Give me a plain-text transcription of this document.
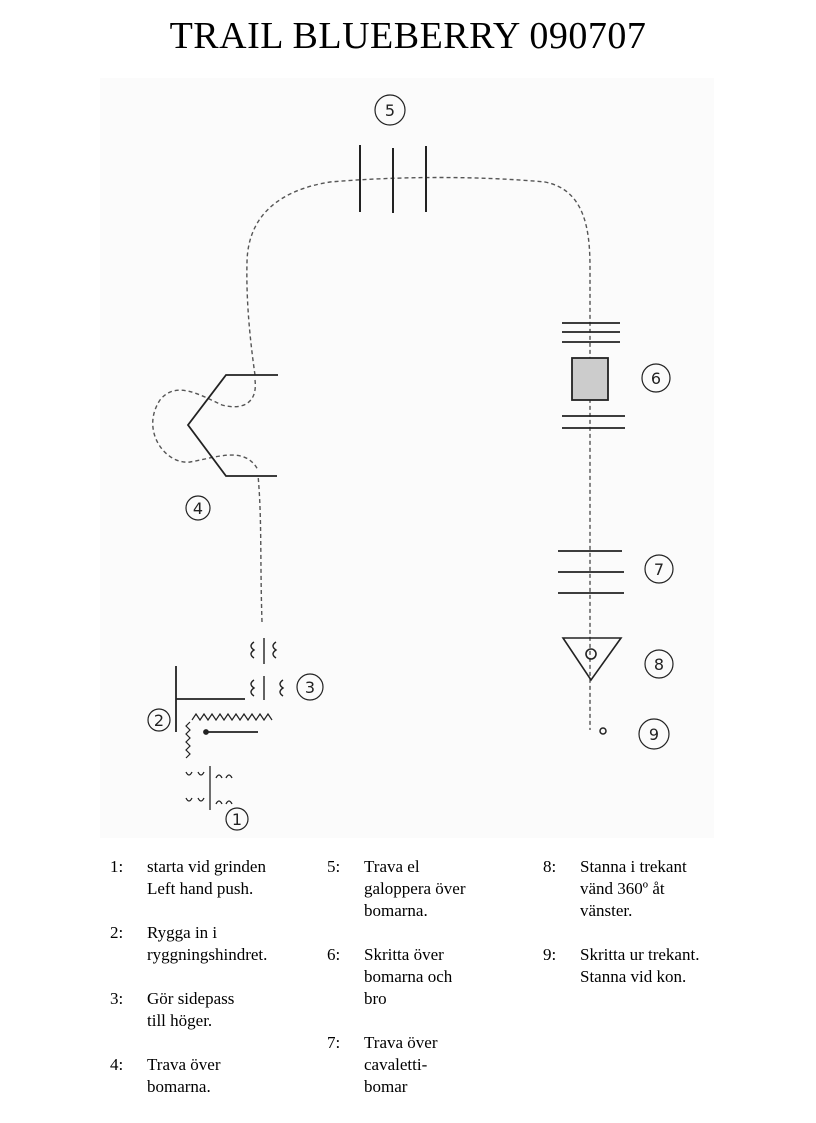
TRAIL BLUEBERRY 090707
1
2
3
4
5
6
7
8
9
1:	starta vid grinden
Left hand push.
2:	Rygga in i
ryggningshindret.
3:	Gör sidepass
till höger.
4:	Trava över
bomarna.
5:	Trava el
galoppera över
bomarna.
6:	Skritta över
bomarna och
bro
7:	Trava över
cavaletti-
bomar
8:	Stanna i trekant
vänd 360º åt
vänster.
9:	Skritta ur trekant.
Stanna vid kon.
